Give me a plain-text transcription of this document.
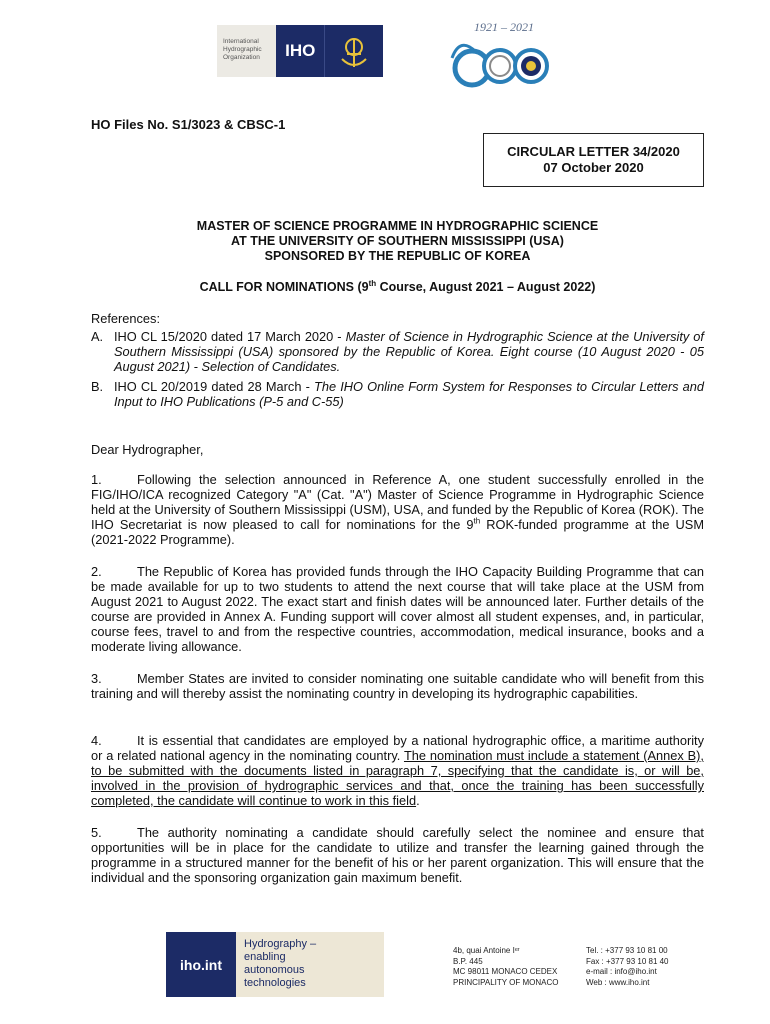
International
Hydrographic
Organization	IHO
1921 – 2021
HO Files No. S1/3023 & CBSC-1
CIRCULAR LETTER 34/2020
07 October 2020
MASTER OF SCIENCE PROGRAMME IN HYDROGRAPHIC SCIENCE
AT THE UNIVERSITY OF SOUTHERN MISSISSIPPI (USA)
SPONSORED BY THE REPUBLIC OF KOREA
CALL FOR NOMINATIONS (9th Course, August 2021 – August 2022)
References:
A. IHO CL 15/2020 dated 17 March 2020 - Master of Science in Hydrographic Science at the University of Southern Mississippi (USA) sponsored by the Republic of Korea. Eight course (10 August 2020 - 05 August 2021) - Selection of Candidates.
B. IHO CL 20/2019 dated 28 March - The IHO Online Form System for Responses to Circular Letters and Input to IHO Publications (P-5 and C-55)
Dear Hydrographer,
1.	Following the selection announced in Reference A, one student successfully enrolled in the FIG/IHO/ICA recognized Category "A" (Cat. "A") Master of Science Programme in Hydrographic Science held at the University of Southern Mississippi (USM), USA, and funded by the Republic of Korea (ROK). The IHO Secretariat is now pleased to call for nominations for the 9th ROK-funded programme at the USM (2021-2022 Programme).
2.	The Republic of Korea has provided funds through the IHO Capacity Building Programme that can be made available for up to two students to attend the next course that will take place at the USM from August 2021 to August 2022. The exact start and finish dates will be announced later. Further details of the course are provided in Annex A. Funding support will cover almost all student expenses, and, in particular, course fees, travel to and from the respective countries, accommodation, medical insurance, books and a moderate living allowance.
3.	Member States are invited to consider nominating one suitable candidate who will benefit from this training and will thereby assist the nominating country in developing its hydrographic capabilities.
4.	It is essential that candidates are employed by a national hydrographic office, a maritime authority or a related national agency in the nominating country. The nomination must include a statement (Annex B), to be submitted with the documents listed in paragraph 7, specifying that the candidate is, or will be, involved in the provision of hydrographic services and that, once the training has been successfully completed, the candidate will continue to work in this field.
5.	The authority nominating a candidate should carefully select the nominee and ensure that opportunities will be in place for the candidate to utilize and transfer the learning gained through the programme in a structured manner for the benefit of his or her parent organization. This will ensure that the individual and the sponsoring organization gain maximum benefit.
iho.int
Hydrography –
enabling
autonomous
technologies
4b, quai Antoine Iᵉʳ
B.P. 445
MC 98011 MONACO CEDEX
PRINCIPALITY OF MONACO
Tel. : +377 93 10 81 00
Fax : +377 93 10 81 40
e-mail : info@iho.int
Web : www.iho.int
